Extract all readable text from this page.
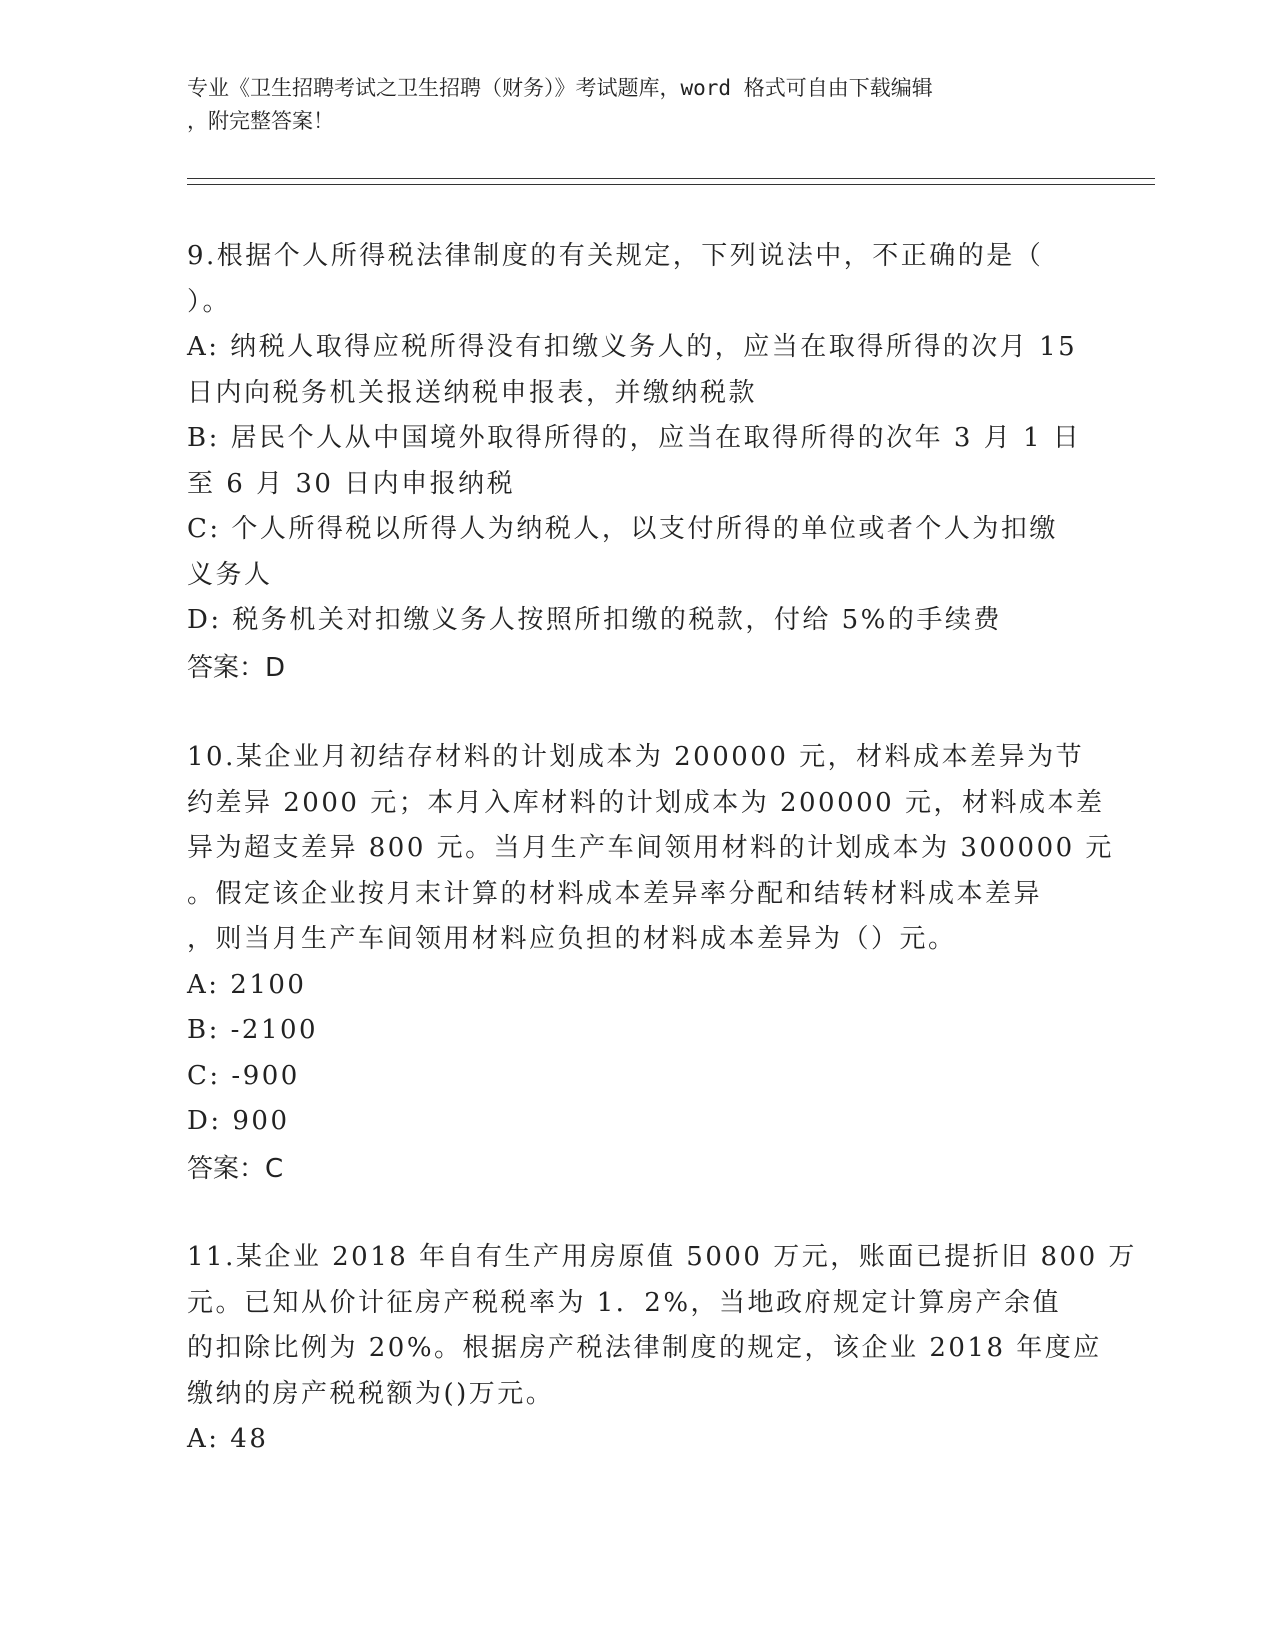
专业《卫生招聘考试之卫生招聘（财务）》考试题库，word 格式可自由下载编辑
，附完整答案！
9.根据个人所得税法律制度的有关规定，下列说法中，不正确的是（
）。
A: 纳税人取得应税所得没有扣缴义务人的，应当在取得所得的次月 15
日内向税务机关报送纳税申报表，并缴纳税款
B: 居民个人从中国境外取得所得的，应当在取得所得的次年 3 月 1 日
至 6 月 30 日内申报纳税
C: 个人所得税以所得人为纳税人，以支付所得的单位或者个人为扣缴
义务人
D: 税务机关对扣缴义务人按照所扣缴的税款，付给 5%的手续费
答案：D
10.某企业月初结存材料的计划成本为 200000 元，材料成本差异为节
约差异 2000 元；本月入库材料的计划成本为 200000 元，材料成本差
异为超支差异 800 元。当月生产车间领用材料的计划成本为 300000 元
。假定该企业按月末计算的材料成本差异率分配和结转材料成本差异
，则当月生产车间领用材料应负担的材料成本差异为（）元。
A: 2100
B: -2100
C: -900
D: 900
答案：C
11.某企业 2018 年自有生产用房原值 5000 万元，账面已提折旧 800 万
元。已知从价计征房产税税率为 1．2%，当地政府规定计算房产余值
的扣除比例为 20%。根据房产税法律制度的规定，该企业 2018 年度应
缴纳的房产税税额为()万元。
A: 48
